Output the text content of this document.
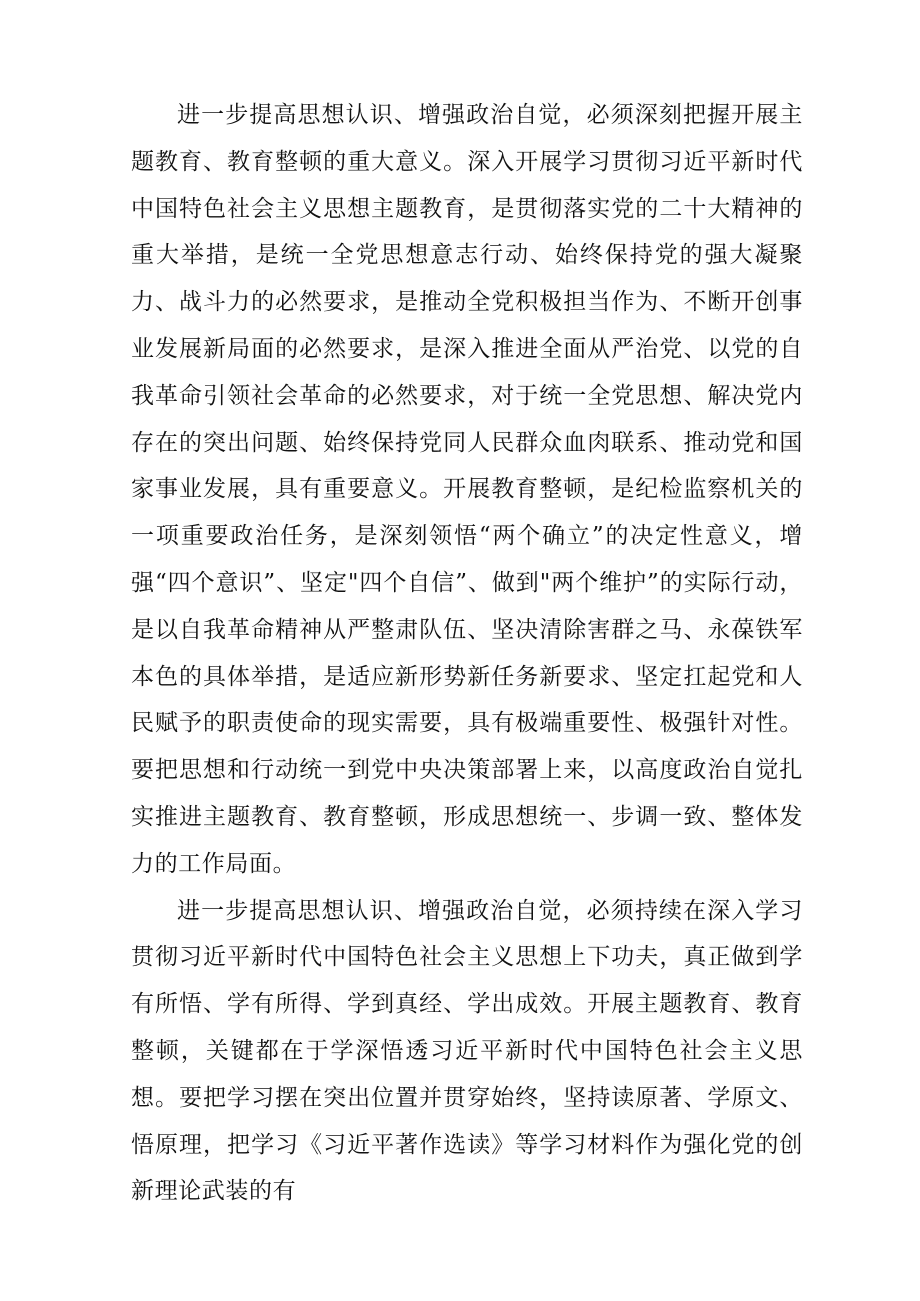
进一步提高思想认识、增强政治自觉，必须深刻把握开展主题教育、教育整顿的重大意义。深入开展学习贯彻习近平新时代中国特色社会主义思想主题教育，是贯彻落实党的二十大精神的重大举措，是统一全党思想意志行动、始终保持党的强大凝聚力、战斗力的必然要求，是推动全党积极担当作为、不断开创事业发展新局面的必然要求，是深入推进全面从严治党、以党的自我革命引领社会革命的必然要求，对于统一全党思想、解决党内存在的突出问题、始终保持党同人民群众血肉联系、推动党和国家事业发展，具有重要意义。开展教育整顿，是纪检监察机关的一项重要政治任务，是深刻领悟“两个确立”的决定性意义，增强“四个意识”、坚定"四个自信”、做到"两个维护”的实际行动，是以自我革命精神从严整肃队伍、坚决清除害群之马、永葆铁军本色的具体举措，是适应新形势新任务新要求、坚定扛起党和人民赋予的职责使命的现实需要，具有极端重要性、极强针对性。要把思想和行动统一到党中央决策部署上来，以高度政治自觉扎实推进主题教育、教育整顿，形成思想统一、步调一致、整体发力的工作局面。

进一步提高思想认识、增强政治自觉，必须持续在深入学习贯彻习近平新时代中国特色社会主义思想上下功夫，真正做到学有所悟、学有所得、学到真经、学出成效。开展主题教育、教育整顿，关键都在于学深悟透习近平新时代中国特色社会主义思想。要把学习摆在突出位置并贯穿始终，坚持读原著、学原文、悟原理，把学习《习近平著作选读》等学习材料作为强化党的创新理论武装的有
